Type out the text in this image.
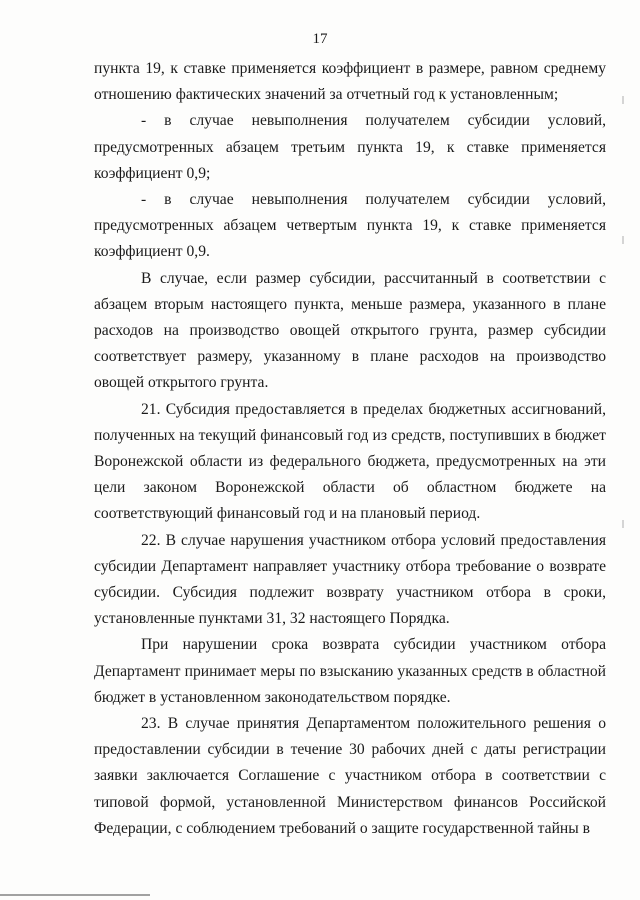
17

пункта 19, к ставке применяется коэффициент в размере, равном среднему отношению фактических значений за отчетный год к установленным;

- в случае невыполнения получателем субсидии условий, предусмотренных абзацем третьим пункта 19, к ставке применяется коэффициент 0,9;

- в случае невыполнения получателем субсидии условий, предусмотренных абзацем четвертым пункта 19, к ставке применяется коэффициент 0,9.

В случае, если размер субсидии, рассчитанный в соответствии с абзацем вторым настоящего пункта, меньше размера, указанного в плане расходов на производство овощей открытого грунта, размер субсидии соответствует размеру, указанному в плане расходов на производство овощей открытого грунта.

21. Субсидия предоставляется в пределах бюджетных ассигнований, полученных на текущий финансовый год из средств, поступивших в бюджет Воронежской области из федерального бюджета, предусмотренных на эти цели законом Воронежской области об областном бюджете на соответствующий финансовый год и на плановый период.

22. В случае нарушения участником отбора условий предоставления субсидии Департамент направляет участнику отбора требование о возврате субсидии. Субсидия подлежит возврату участником отбора в сроки, установленные пунктами 31, 32 настоящего Порядка.

При нарушении срока возврата субсидии участником отбора Департамент принимает меры по взысканию указанных средств в областной бюджет в установленном законодательством порядке.

23. В случае принятия Департаментом положительного решения о предоставлении субсидии в течение 30 рабочих дней с даты регистрации заявки заключается Соглашение с участником отбора в соответствии с типовой формой, установленной Министерством финансов Российской Федерации, с соблюдением требований о защите государственной тайны в
